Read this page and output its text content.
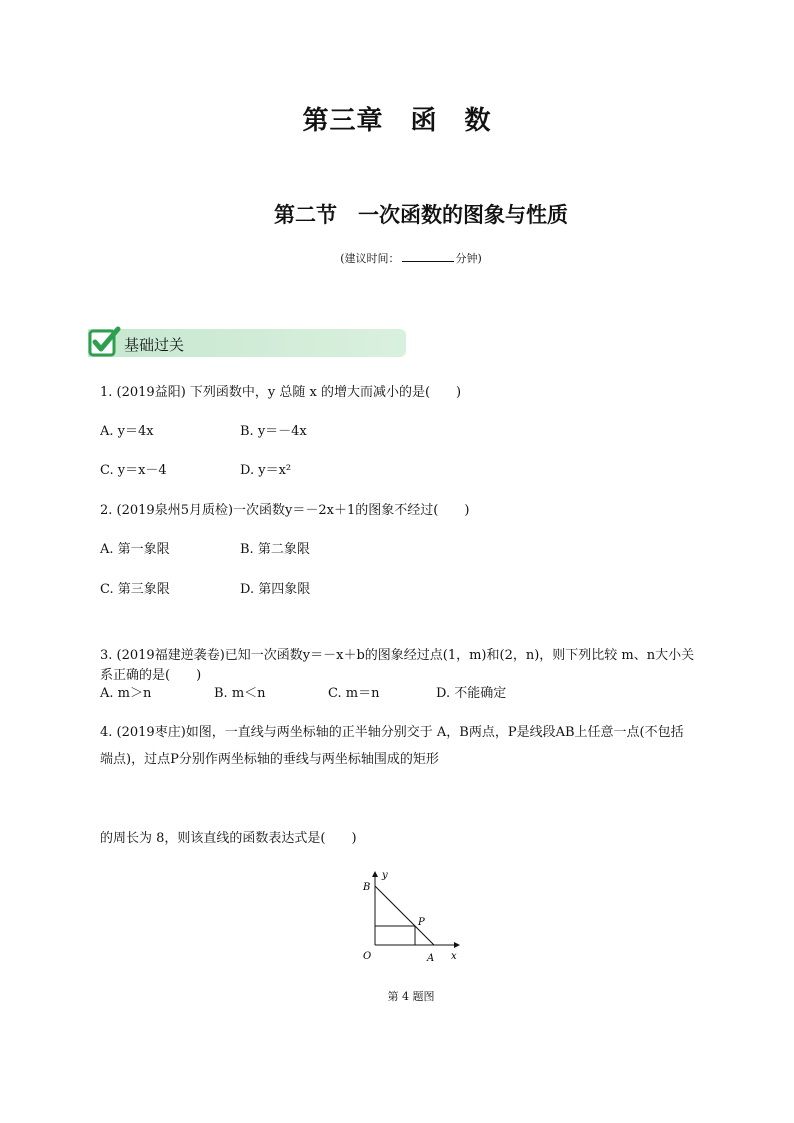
第三章　函　数
第二节　一次函数的图象与性质
(建议时间：	分钟)
基础过关
1. (2019益阳) 下列函数中，y 总随 x 的增大而减小的是(　　)
A. y＝4x	B. y＝－4x
C. y＝x－4	D. y＝x²
2. (2019泉州5月质检)一次函数y＝－2x＋1的图象不经过(　　)
A. 第一象限	B. 第二象限
C. 第三象限	D. 第四象限
3. (2019福建逆袭卷)已知一次函数y＝－x＋b的图象经过点(1，m)和(2，n)，则下列比较 m、n大小关
系正确的是(　　)
A. m＞n	B. m＜n	C. m＝n	D. 不能确定
4. (2019枣庄)如图，一直线与两坐标轴的正半轴分别交于 A，B两点，P是线段AB上任意一点(不包括
端点)，过点P分别作两坐标轴的垂线与两坐标轴围成的矩形
的周长为 8，则该直线的函数表达式是(　　)
y
x
O
B
A
P
第 4 题图
